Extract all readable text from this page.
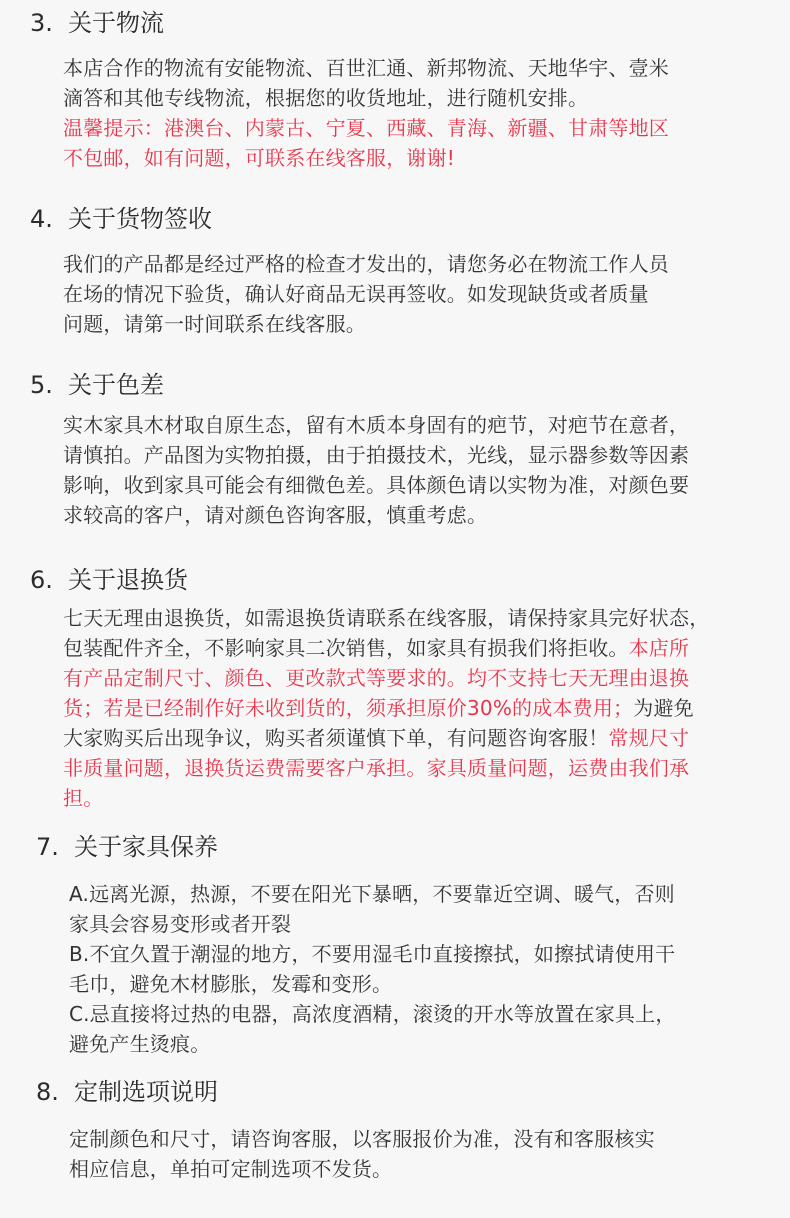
3. 关于物流
本店合作的物流有安能物流、百世汇通、新邦物流、天地华宇、壹米
滴答和其他专线物流，根据您的收货地址，进行随机安排。
温馨提示：港澳台、内蒙古、宁夏、西藏、青海、新疆、甘肃等地区
不包邮，如有问题，可联系在线客服，谢谢!
4. 关于货物签收
我们的产品都是经过严格的检查才发出的，请您务必在物流工作人员
在场的情况下验货，确认好商品无误再签收。如发现缺货或者质量
问题，请第一时间联系在线客服。
5. 关于色差
实木家具木材取自原生态，留有木质本身固有的疤节，对疤节在意者，
请慎拍。产品图为实物拍摄，由于拍摄技术，光线，显示器参数等因素
影响，收到家具可能会有细微色差。具体颜色请以实物为准，对颜色要
求较高的客户，请对颜色咨询客服，慎重考虑。
6. 关于退换货
七天无理由退换货，如需退换货请联系在线客服，请保持家具完好状态，
包装配件齐全，不影响家具二次销售，如家具有损我们将拒收。本店所
有产品定制尺寸、颜色、更改款式等要求的。均不支持七天无理由退换
货；若是已经制作好未收到货的，须承担原价30%的成本费用；为避免
大家购买后出现争议，购买者须谨慎下单，有问题咨询客服！常规尺寸
非质量问题，退换货运费需要客户承担。家具质量问题，运费由我们承
担。
7. 关于家具保养
A.远离光源，热源，不要在阳光下暴晒，不要靠近空调、暖气，否则
家具会容易变形或者开裂
B.不宜久置于潮湿的地方，不要用湿毛巾直接擦拭，如擦拭请使用干
毛巾，避免木材膨胀，发霉和变形。
C.忌直接将过热的电器，高浓度酒精，滚烫的开水等放置在家具上，
避免产生烫痕。
8. 定制选项说明
定制颜色和尺寸，请咨询客服，以客服报价为准，没有和客服核实
相应信息，单拍可定制选项不发货。
